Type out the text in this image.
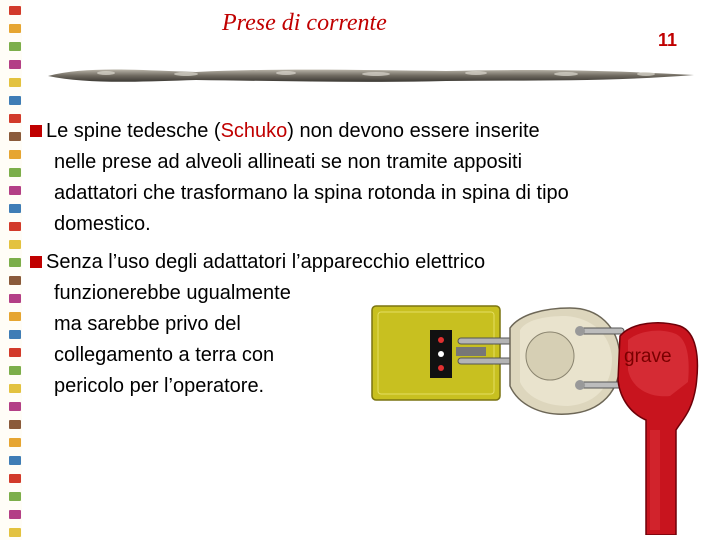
Prese di corrente
11
Le spine tedesche (Schuko) non devono essere inserite
nelle prese ad alveoli allineati se non tramite appositi
adattatori che trasformano la spina rotonda in spina di tipo
domestico.
Senza l’uso degli adattatori l’apparecchio elettrico
funzionerebbe ugualmente
ma sarebbe privo del
collegamento a terra con
pericolo per l’operatore.
grave
